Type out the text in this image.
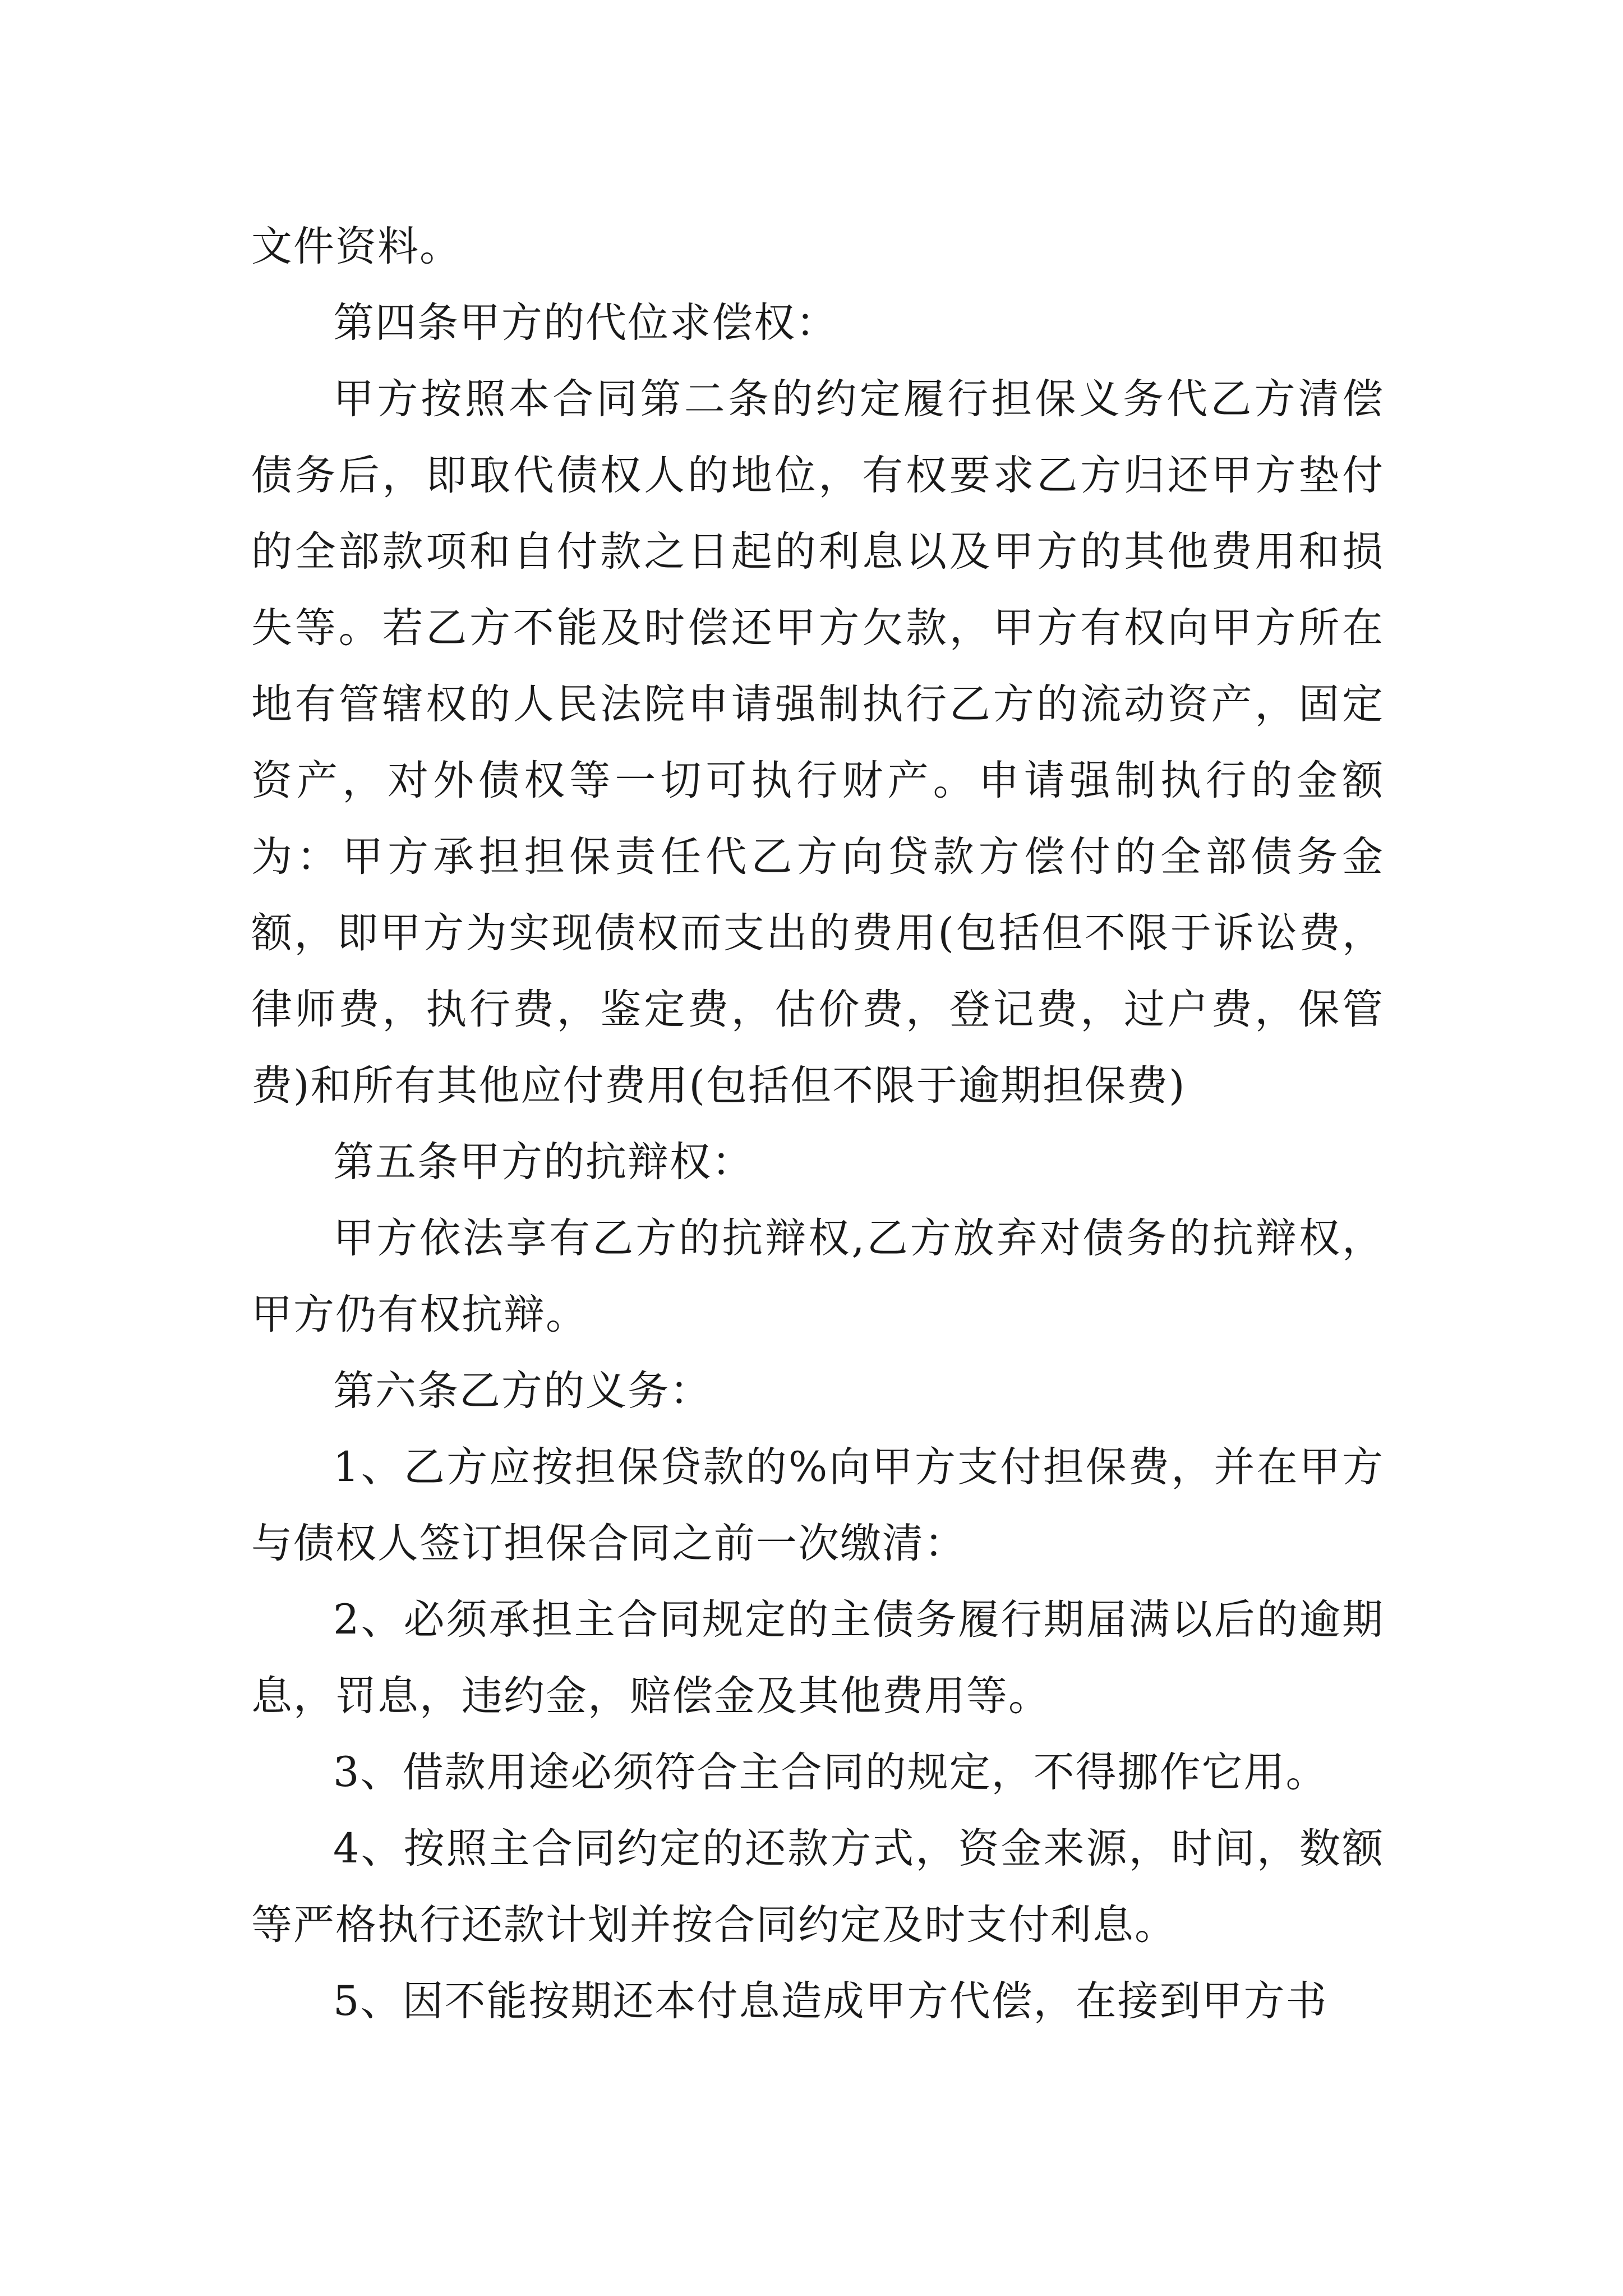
文件资料。

第四条甲方的代位求偿权：

甲方按照本合同第二条的约定履行担保义务代乙方清偿债务后，即取代债权人的地位，有权要求乙方归还甲方垫付的全部款项和自付款之日起的利息以及甲方的其他费用和损失等。若乙方不能及时偿还甲方欠款，甲方有权向甲方所在地有管辖权的人民法院申请强制执行乙方的流动资产，固定资产，对外债权等一切可执行财产。申请强制执行的金额为：甲方承担担保责任代乙方向贷款方偿付的全部债务金额，即甲方为实现债权而支出的费用(包括但不限于诉讼费，律师费，执行费，鉴定费，估价费，登记费，过户费，保管费)和所有其他应付费用(包括但不限于逾期担保费)

第五条甲方的抗辩权：

甲方依法享有乙方的抗辩权,乙方放弃对债务的抗辩权，甲方仍有权抗辩。

第六条乙方的义务：

1、乙方应按担保贷款的%向甲方支付担保费，并在甲方与债权人签订担保合同之前一次缴清：

2、必须承担主合同规定的主债务履行期届满以后的逾期息，罚息，违约金，赔偿金及其他费用等。

3、借款用途必须符合主合同的规定，不得挪作它用。

4、按照主合同约定的还款方式，资金来源，时间，数额等严格执行还款计划并按合同约定及时支付利息。

5、因不能按期还本付息造成甲方代偿，在接到甲方书
